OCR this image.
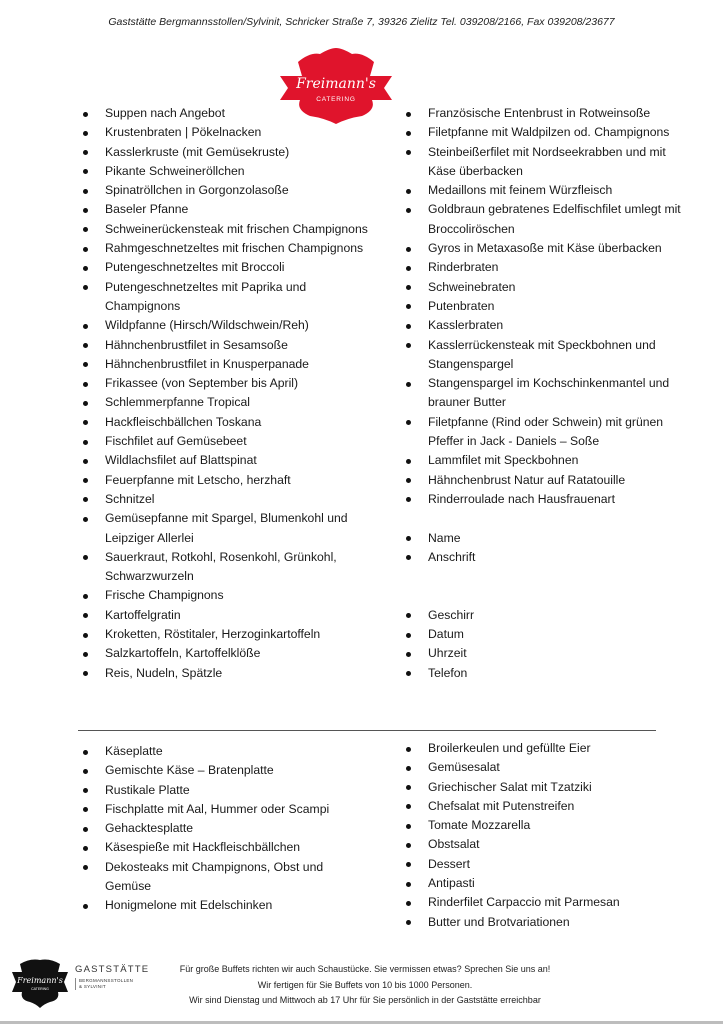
Gaststätte Bergmannsstollen/Sylvinit, Schricker Straße 7, 39326 Zielitz Tel. 039208/2166, Fax 039208/23677
Freimann's
CATERING
Suppen nach Angebot
Krustenbraten | Pökelnacken
Kasslerkruste (mit Gemüsekruste)
Pikante Schweineröllchen
Spinatröllchen in Gorgonzolasoße
Baseler Pfanne
Schweinerückensteak mit frischen Champignons
Rahmgeschnetzeltes mit frischen Champignons
Putengeschnetzeltes mit Broccoli
Putengeschnetzeltes mit Paprika und Champignons
Wildpfanne (Hirsch/Wildschwein/Reh)
Hähnchenbrustfilet in Sesamsoße
Hähnchenbrustfilet in Knusperpanade
Frikassee (von September bis April)
Schlemmerpfanne Tropical
Hackfleischbällchen Toskana
Fischfilet auf Gemüsebeet
Wildlachsfilet auf Blattspinat
Feuerpfanne mit Letscho, herzhaft
Schnitzel
Gemüsepfanne mit Spargel, Blumenkohl und Leipziger Allerlei
Sauerkraut, Rotkohl, Rosenkohl, Grünkohl, Schwarzwurzeln
Frische Champignons
Kartoffelgratin
Kroketten, Röstitaler, Herzoginkartoffeln
Salzkartoffeln, Kartoffelklöße
Reis, Nudeln, Spätzle
Französische Entenbrust in Rotweinsoße
Filetpfanne mit Waldpilzen od. Champignons
Steinbeißerfilet mit Nordseekrabben und mit Käse überbacken
Medaillons mit feinem Würzfleisch
Goldbraun gebratenes Edelfischfilet umlegt mit Broccoliröschen
Gyros in Metaxasoße mit Käse überbacken
Rinderbraten
Schweinebraten
Putenbraten
Kasslerbraten
Kasslerrückensteak mit Speckbohnen und Stangenspargel
Stangenspargel im Kochschinkenmantel und brauner Butter
Filetpfanne (Rind oder Schwein) mit grünen Pfeffer in Jack - Daniels – Soße
Lammfilet mit Speckbohnen
Hähnchenbrust Natur auf Ratatouille
Rinderroulade nach Hausfrauenart
Name
Anschrift
Geschirr
Datum
Uhrzeit
Telefon
Käseplatte
Gemischte Käse – Bratenplatte
Rustikale Platte
Fischplatte mit Aal, Hummer oder Scampi
Gehacktesplatte
Käsespieße mit Hackfleischbällchen
Dekosteaks mit Champignons, Obst und Gemüse
Honigmelone mit Edelschinken
Broilerkeulen und gefüllte Eier
Gemüsesalat
Griechischer Salat mit Tzatziki
Chefsalat mit Putenstreifen
Tomate Mozzarella
Obstsalat
Dessert
Antipasti
Rinderfilet Carpaccio mit Parmesan
Butter und Brotvariationen
Freimann's
CATERING
GASTSTÄTTE
BERGMANNSSTOLLEN
& SYLVINIT
Für große Buffets richten wir auch Schaustücke. Sie vermissen etwas? Sprechen Sie uns an!
Wir fertigen für Sie Buffets von 10 bis 1000 Personen.
Wir sind Dienstag und Mittwoch ab 17 Uhr für Sie persönlich in der Gaststätte erreichbar
